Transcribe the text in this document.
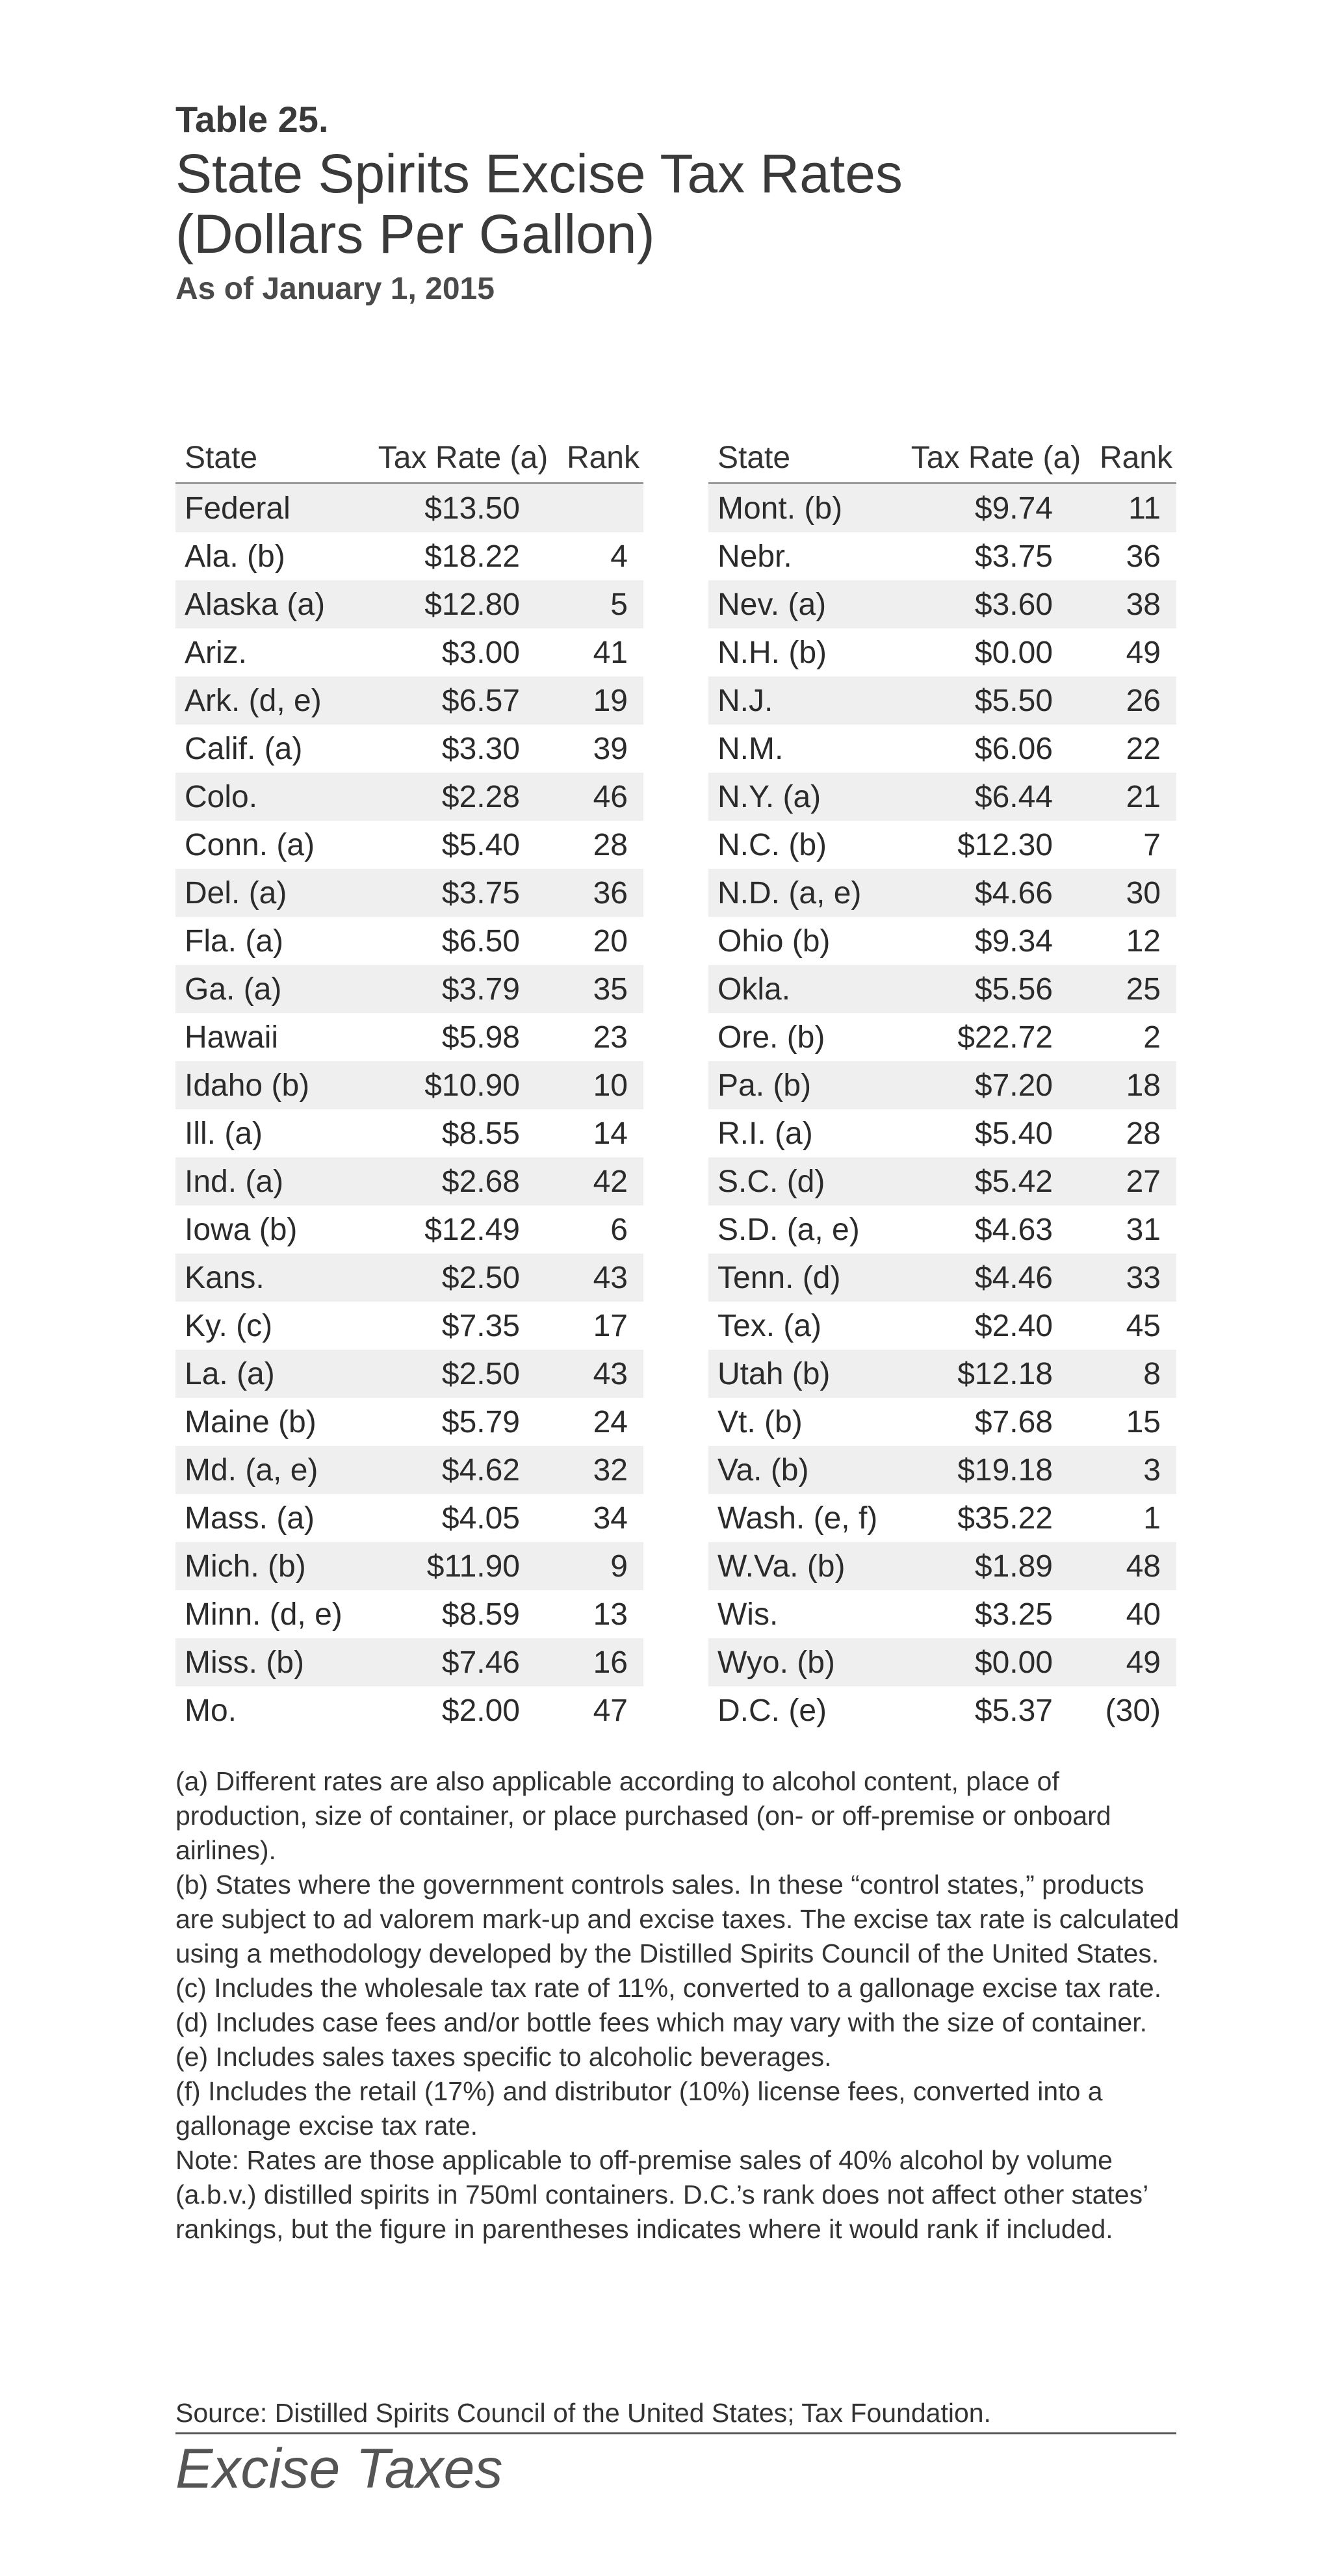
Table 25.
State Spirits Excise Tax Rates
(Dollars Per Gallon)
As of January 1, 2015
State	Tax Rate (a) Rank
Federal	$13.50
Ala. (b)	$18.22	4
Alaska (a)	$12.80	5
Ariz.	$3.00	41
Ark. (d, e)	$6.57	19
Calif. (a)	$3.30	39
Colo.	$2.28	46
Conn. (a)	$5.40	28
Del. (a)	$3.75	36
Fla. (a)	$6.50	20
Ga. (a)	$3.79	35
Hawaii	$5.98	23
Idaho (b)	$10.90	10
Ill. (a)	$8.55	14
Ind. (a)	$2.68	42
Iowa (b)	$12.49	6
Kans.	$2.50	43
Ky. (c)	$7.35	17
La. (a)	$2.50	43
Maine (b)	$5.79	24
Md. (a, e)	$4.62	32
Mass. (a)	$4.05	34
Mich. (b)	$11.90	9
Minn. (d, e)	$8.59	13
Miss. (b)	$7.46	16
Mo.	$2.00	47
State	Tax Rate (a) Rank
Mont. (b)	$9.74	11
Nebr.	$3.75	36
Nev. (a)	$3.60	38
N.H. (b)	$0.00	49
N.J.	$5.50	26
N.M.	$6.06	22
N.Y. (a)	$6.44	21
N.C. (b)	$12.30	7
N.D. (a, e)	$4.66	30
Ohio (b)	$9.34	12
Okla.	$5.56	25
Ore. (b)	$22.72	2
Pa. (b)	$7.20	18
R.I. (a)	$5.40	28
S.C. (d)	$5.42	27
S.D. (a, e)	$4.63	31
Tenn. (d)	$4.46	33
Tex. (a)	$2.40	45
Utah (b)	$12.18	8
Vt. (b)	$7.68	15
Va. (b)	$19.18	3
Wash. (e, f)	$35.22	1
W.Va. (b)	$1.89	48
Wis.	$3.25	40
Wyo. (b)	$0.00	49
D.C. (e)	$5.37	(30)

(a) Different rates are also applicable according to alcohol content, place of production, size of container, or place purchased (on- or off-premise or onboard airlines).

(b) States where the government controls sales. In these “control states,” products are subject to ad valorem mark-up and excise taxes. The excise tax rate is calculated using a methodology developed by the Distilled Spirits Council of the United States.

(c) Includes the wholesale tax rate of 11%, converted to a gallonage excise tax rate.

(d) Includes case fees and/or bottle fees which may vary with the size of container.

(e) Includes sales taxes specific to alcoholic beverages.

(f) Includes the retail (17%) and distributor (10%) license fees, converted into a gallonage excise tax rate.

Note: Rates are those applicable to off-premise sales of 40% alcohol by volume (a.b.v.) distilled spirits in 750ml containers. D.C.’s rank does not affect other states’ rankings, but the figure in parentheses indicates where it would rank if included.

Source: Distilled Spirits Council of the United States; Tax Foundation.
Excise Taxes
